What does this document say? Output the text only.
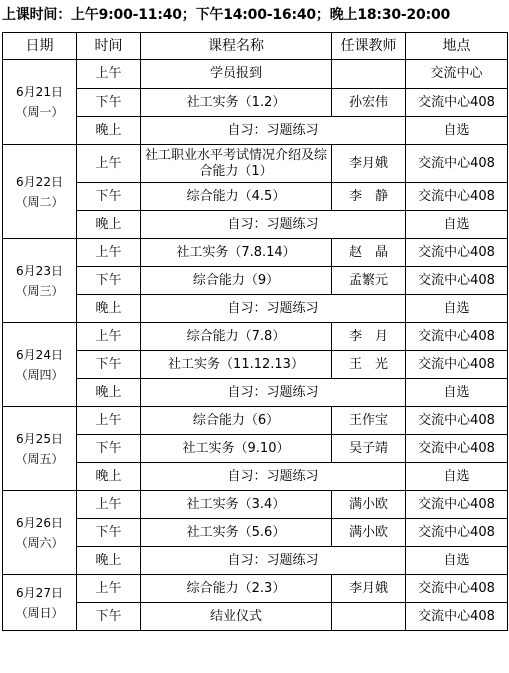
上课时间：上午9:00-11:40；下午14:00-16:40；晚上18:30-20:00
日期	时间	课程名称	任课教师	地点

6月21日
（周一）	上午	学员报到		交流中心
	下午	社工实务（1.2）	孙宏伟	交流中心408
	晚上	自习：习题练习		自选

6月22日
（周二）	上午	社工职业水平考试情况介绍及综合能力（1）	李月娥	交流中心408
	下午	综合能力（4.5）	李　静	交流中心408
	晚上	自习：习题练习		自选

6月23日
（周三）	上午	社工实务（7.8.14）	赵　晶	交流中心408
	下午	综合能力（9）	孟繁元	交流中心408
	晚上	自习：习题练习		自选

6月24日
（周四）	上午	综合能力（7.8）	李　月	交流中心408
	下午	社工实务（11.12.13）	王　光	交流中心408
	晚上	自习：习题练习		自选

6月25日
（周五）	上午	综合能力（6）	王作宝	交流中心408
	下午	社工实务（9.10）	吴子靖	交流中心408
	晚上	自习：习题练习		自选

6月26日
（周六）	上午	社工实务（3.4）	满小欧	交流中心408
	下午	社工实务（5.6）	满小欧	交流中心408
	晚上	自习：习题练习		自选

6月27日
（周日）	上午	综合能力（2.3）	李月娥	交流中心408
	下午	结业仪式		交流中心408
